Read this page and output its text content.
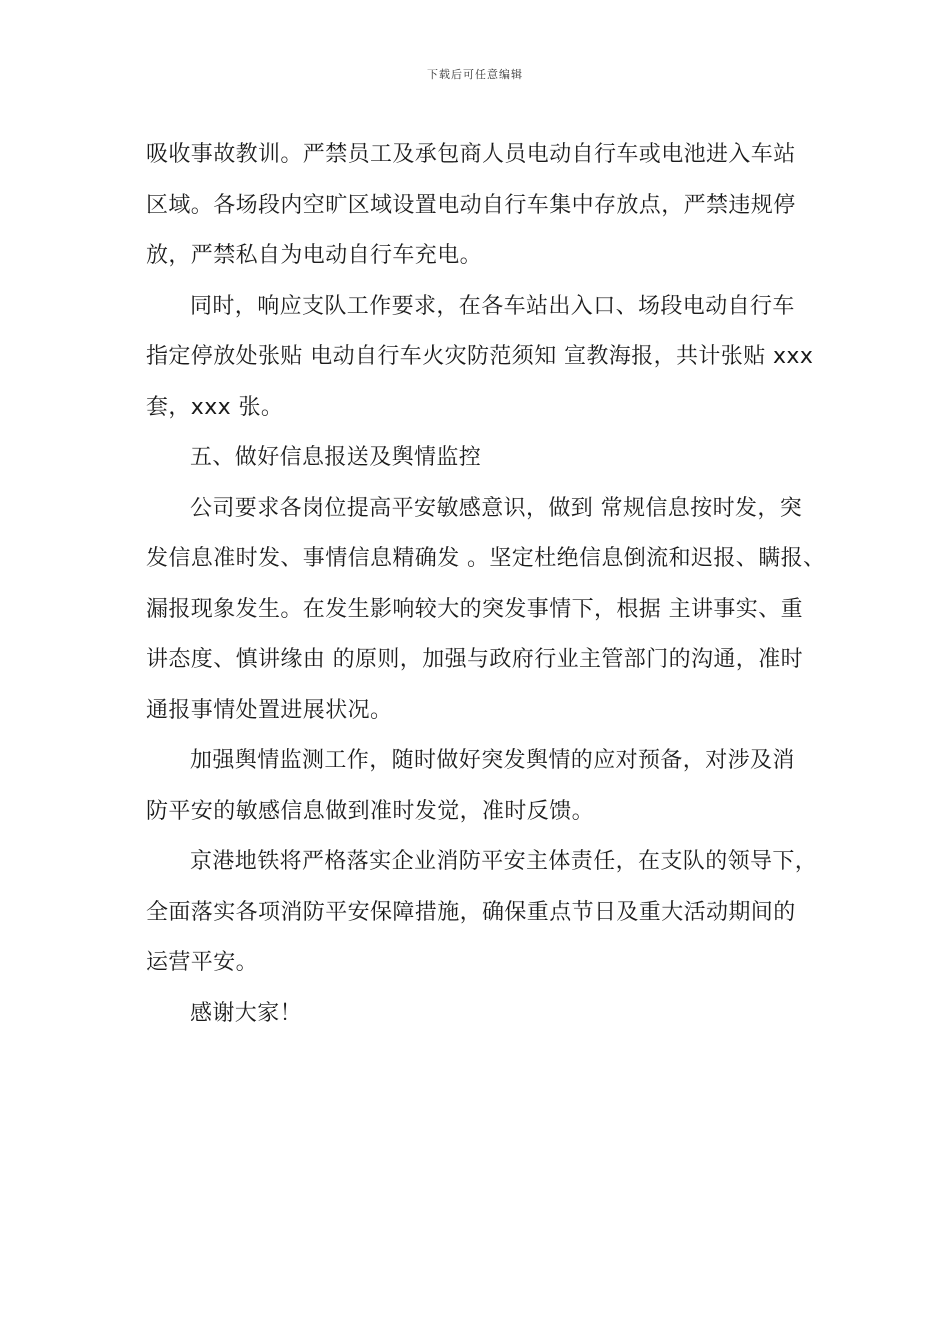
下载后可任意编辑
吸收事故教训。严禁员工及承包商人员电动自行车或电池进入车站
区域。各场段内空旷区域设置电动自行车集中存放点，严禁违规停
放，严禁私自为电动自行车充电。
同时，响应支队工作要求，在各车站出入口、场段电动自行车
指定停放处张贴 电动自行车火灾防范须知 宣教海报，共计张贴 xxx
套，xxx 张。
五、做好信息报送及舆情监控
公司要求各岗位提高平安敏感意识，做到 常规信息按时发，突
发信息准时发、事情信息精确发 。坚定杜绝信息倒流和迟报、瞒报、
漏报现象发生。在发生影响较大的突发事情下，根据 主讲事实、重
讲态度、慎讲缘由 的原则，加强与政府行业主管部门的沟通，准时
通报事情处置进展状况。
加强舆情监测工作，随时做好突发舆情的应对预备，对涉及消
防平安的敏感信息做到准时发觉，准时反馈。
京港地铁将严格落实企业消防平安主体责任，在支队的领导下，
全面落实各项消防平安保障措施，确保重点节日及重大活动期间的
运营平安。
感谢大家！
